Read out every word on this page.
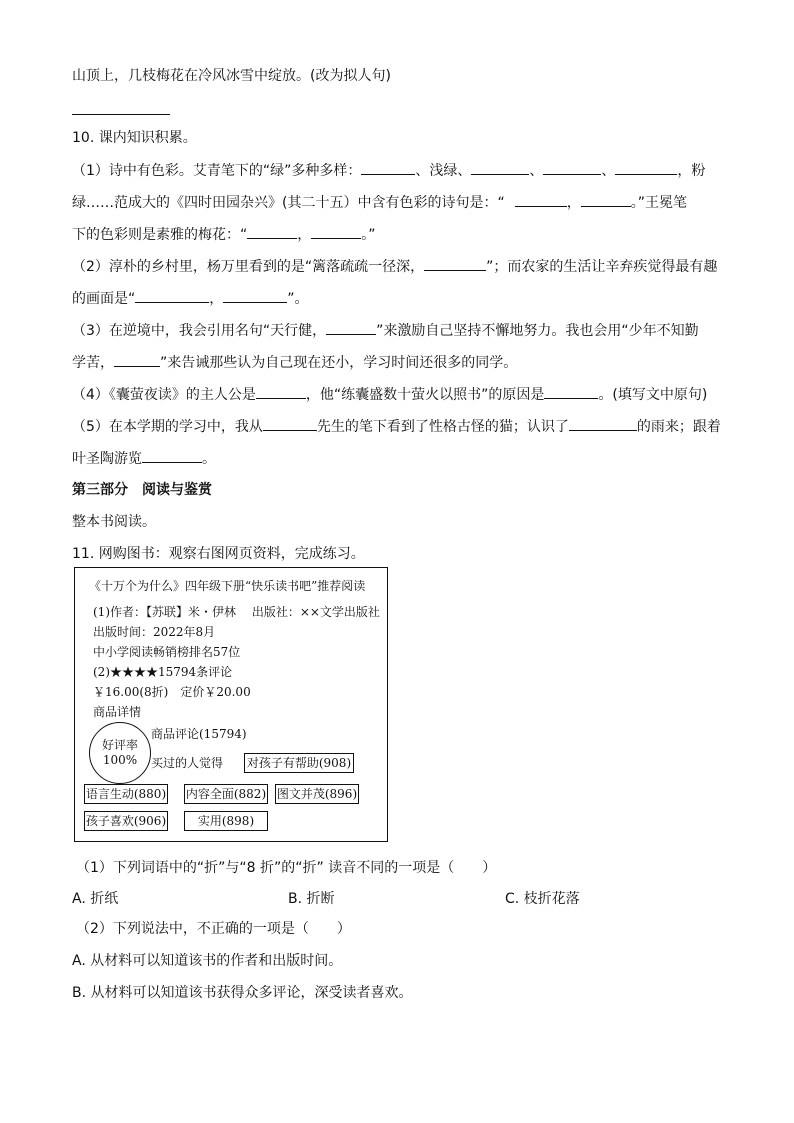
山顶上，几枝梅花在冷风冰雪中绽放。(改为拟人句)
10. 课内知识积累。
（1）诗中有色彩。艾青笔下的“绿”多种多样：	、浅绿、	、	、	，粉
绿……范成大的《四时田园杂兴》(其二十五）中含有色彩的诗句是：“	，	。”王冕笔
下的色彩则是素雅的梅花：“	，	。”
（2）淳朴的乡村里，杨万里看到的是“篱落疏疏一径深，	”；而农家的生活让辛弃疾觉得最有趣
的画面是“	，	”。
（3）在逆境中，我会引用名句“天行健，	”来激励自己坚持不懈地努力。我也会用“少年不知勤
学苦，	”来告诫那些认为自己现在还小，学习时间还很多的同学。
（4）《囊萤夜读》的主人公是	，他“练囊盛数十萤火以照书”的原因是	。(填写文中原句)
（5）在本学期的学习中，我从	先生的笔下看到了性格古怪的猫；认识了	的雨来；跟着
叶圣陶游览	。
第三部分　阅读与鉴赏
整本书阅读。
11. 网购图书：观察右图网页资料，完成练习。
《十万个为什么》四年级下册“快乐读书吧”推荐阅读
(1)作者：【苏联】米・伊林　 出版社：××文学出版社
出版时间：2022年8月
中小学阅读畅销榜排名57位
(2)★★★★15794条评论
￥16.00(8折)　定价￥20.00
商品详情
好评率
100%
商品评论(15794)
买过的人觉得 对孩子有帮助(908)
语言生动(880) 内容全面(882) 图文并茂(896)
孩子喜欢(906)	实用(898)
（1）下列词语中的“折”与“8 折”的“折” 读音不同的一项是（　　）
A. 折纸	B. 折断	C. 枝折花落
（2）下列说法中，不正确的一项是（　　）
A. 从材料可以知道该书的作者和出版时间。
B. 从材料可以知道该书获得众多评论，深受读者喜欢。
